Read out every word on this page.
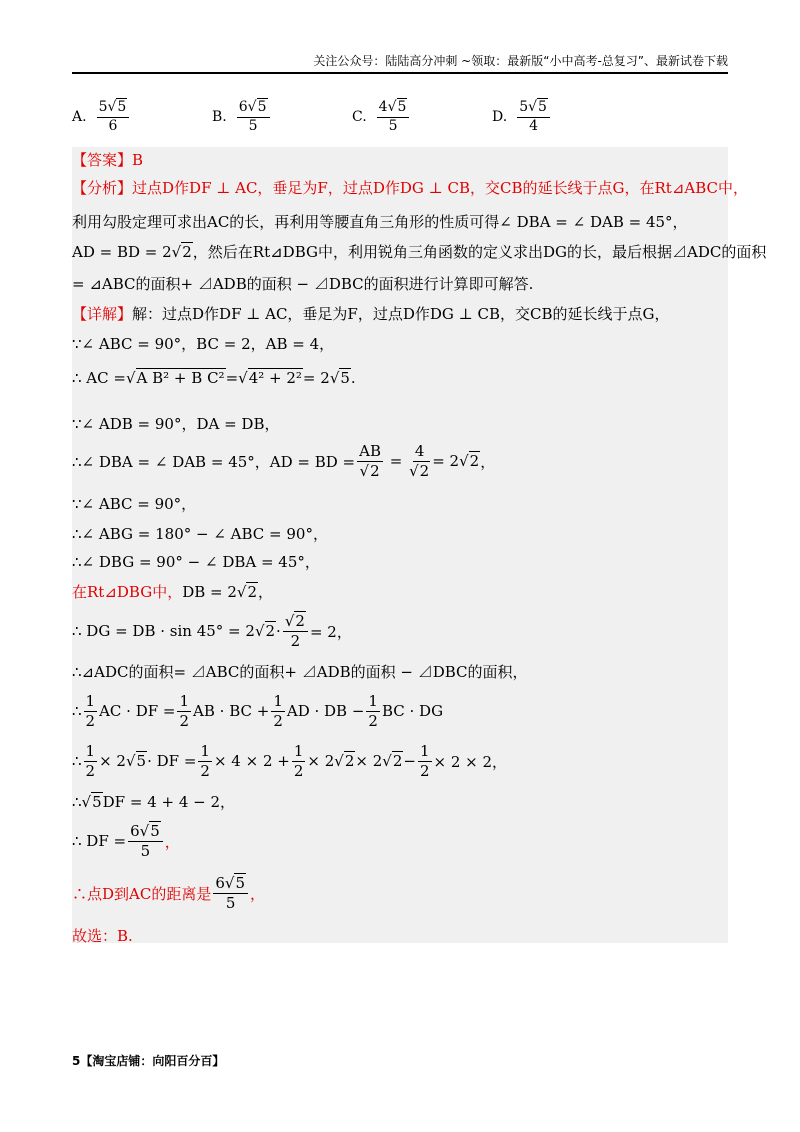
关注公众号：陆陆高分冲刺 ~领取：最新版“小中高考-总复习”、最新试卷下载
A. $\frac{5√5}{6}$	B. $\frac{6√5}{5}$	C. $\frac{4√5}{5}$	D. $\frac{5√5}{4}$
【答案】 B
【分析】 过点D作DF ⊥ AC，垂足为F，过点D作DG ⊥ CB，交CB的延长线于点G，在Rt⊿ABC中，
利用勾股定理可求出AC的长，再利用等腰直角三角形的性质可得∠ DBA = ∠ DAB = 45°，
AD = BD = 2 √ 2 ，然后在Rt⊿DBG中，利用锐角三角函数的定义求出DG的长，最后根据⊿ADC的面积
= ⊿ABC的面积+ ⊿ADB的面积 − ⊿DBC的面积进行计算即可解答.
【详解】 解：过点D作DF ⊥ AC，垂足为F，过点D作DG ⊥ CB，交CB的延长线于点G，
∵∠ ABC = 90°，BC = 2，AB = 4，
∴ AC = √ A B² + B C² = √ 4² + 2² = 2 √ 5 .
∵∠ ADB = 90°，DA = DB，
∴∠ DBA = ∠ DAB = 45°，AD = BD = $\frac{AB}{√2} = \frac{4}{√2} = 2$ √ 2 ，
∵∠ ABC = 90°，
∴∠ ABG = 180° − ∠ ABC = 90°，
∴∠ DBG = 90° − ∠ DBA = 45°，
在Rt⊿DBG中， DB = 2 √ 2 ，
∴ DG = DB · sin 45° = 2 √ $2 \cdot \frac{√2}{2} = 2$，
∴⊿ADC的面积= ⊿ABC的面积+ ⊿ADB的面积 − ⊿DBC的面积，
∴ $\frac{1}{2}$ AC · DF = $\frac{1}{2}$ AB · BC + $\frac{1}{2}$ AD · DB − $\frac{1}{2}$ BC · DG
∴ $\frac{1}{2} \times 2$ √ 5 · DF = $\frac{1}{2} \times 4 \times 2 + \frac{1}{2} \times 2$ √ 2 × 2 √ $2 - \frac{1}{2} \times 2 \times 2$，
∴ √ 5 DF = 4 + 4 − 2，
∴ DF = $\frac{6√5}{5}$ ，
∴点D到AC的距离是 $\frac{6√5}{5}$ ，
故选：B.
5【淘宝店铺：向阳百分百】
